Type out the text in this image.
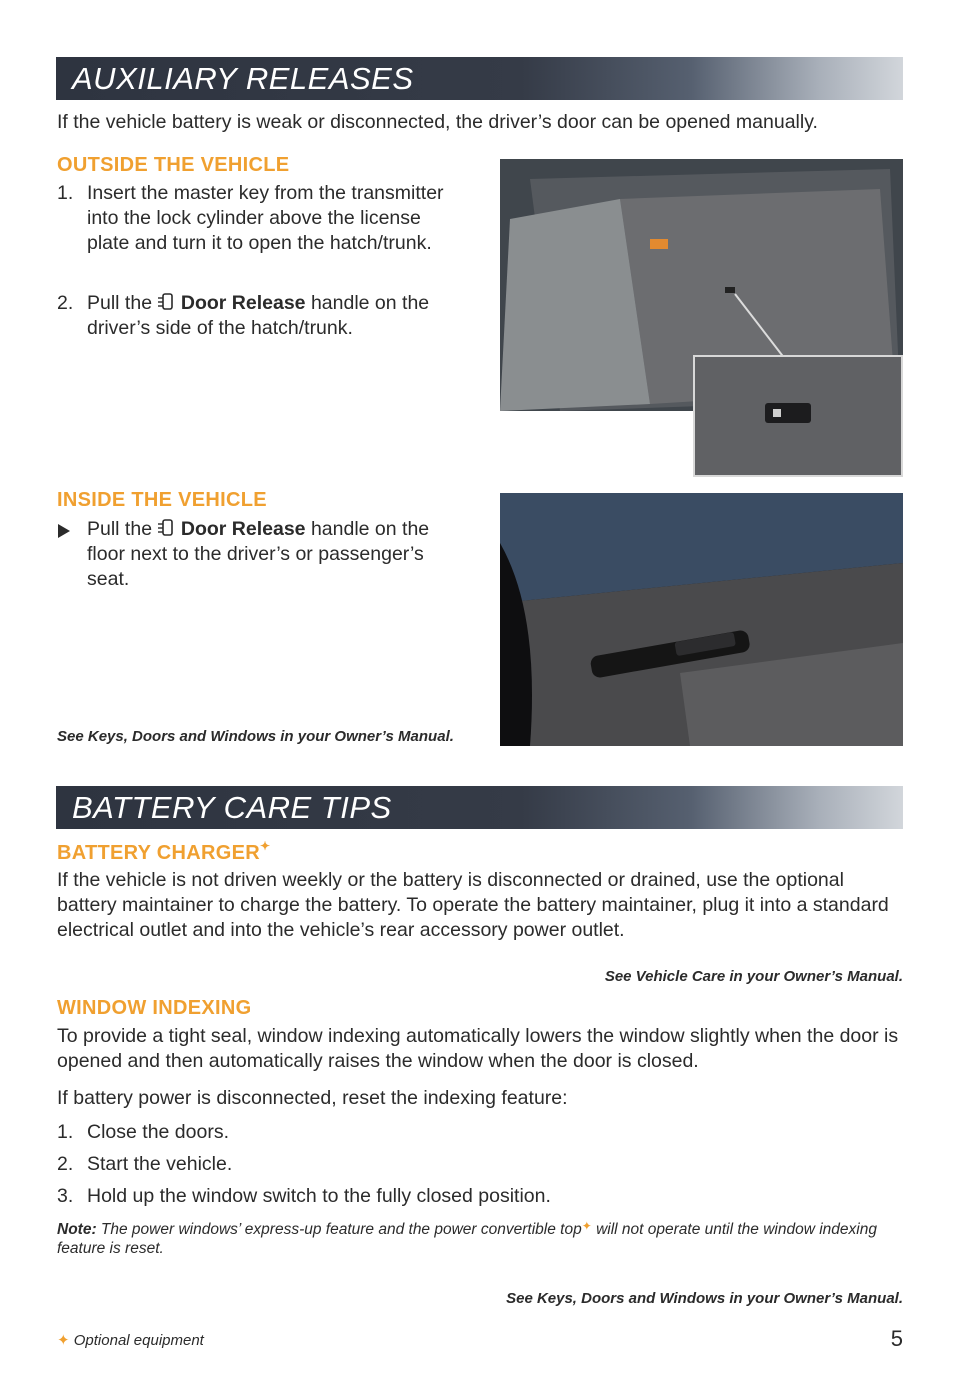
AUXILIARY RELEASES
If the vehicle battery is weak or disconnected, the driver’s door can be opened manually.
OUTSIDE THE VEHICLE
1. Insert the master key from the transmitter into the lock cylinder above the license plate and turn it to open the hatch/trunk.
2. Pull the Door Release handle on the driver’s side of the hatch/trunk.
INSIDE THE VEHICLE
Pull the Door Release handle on the floor next to the driver’s or passenger’s seat.
See Keys, Doors and Windows in your Owner’s Manual.
BATTERY CARE TIPS
BATTERY CHARGER✦
If the vehicle is not driven weekly or the battery is disconnected or drained, use the optional battery maintainer to charge the battery. To operate the battery maintainer, plug it into a standard electrical outlet and into the vehicle’s rear accessory power outlet.
See Vehicle Care in your Owner’s Manual.
WINDOW INDEXING
To provide a tight seal, window indexing automatically lowers the window slightly when the door is opened and then automatically raises the window when the door is closed.
If battery power is disconnected, reset the indexing feature:
1. Close the doors.
2. Start the vehicle.
3. Hold up the window switch to the fully closed position.
Note: The power windows’ express-up feature and the power convertible top✦ will not operate until the window indexing feature is reset.
See Keys, Doors and Windows in your Owner’s Manual.
✦ Optional equipment	5
